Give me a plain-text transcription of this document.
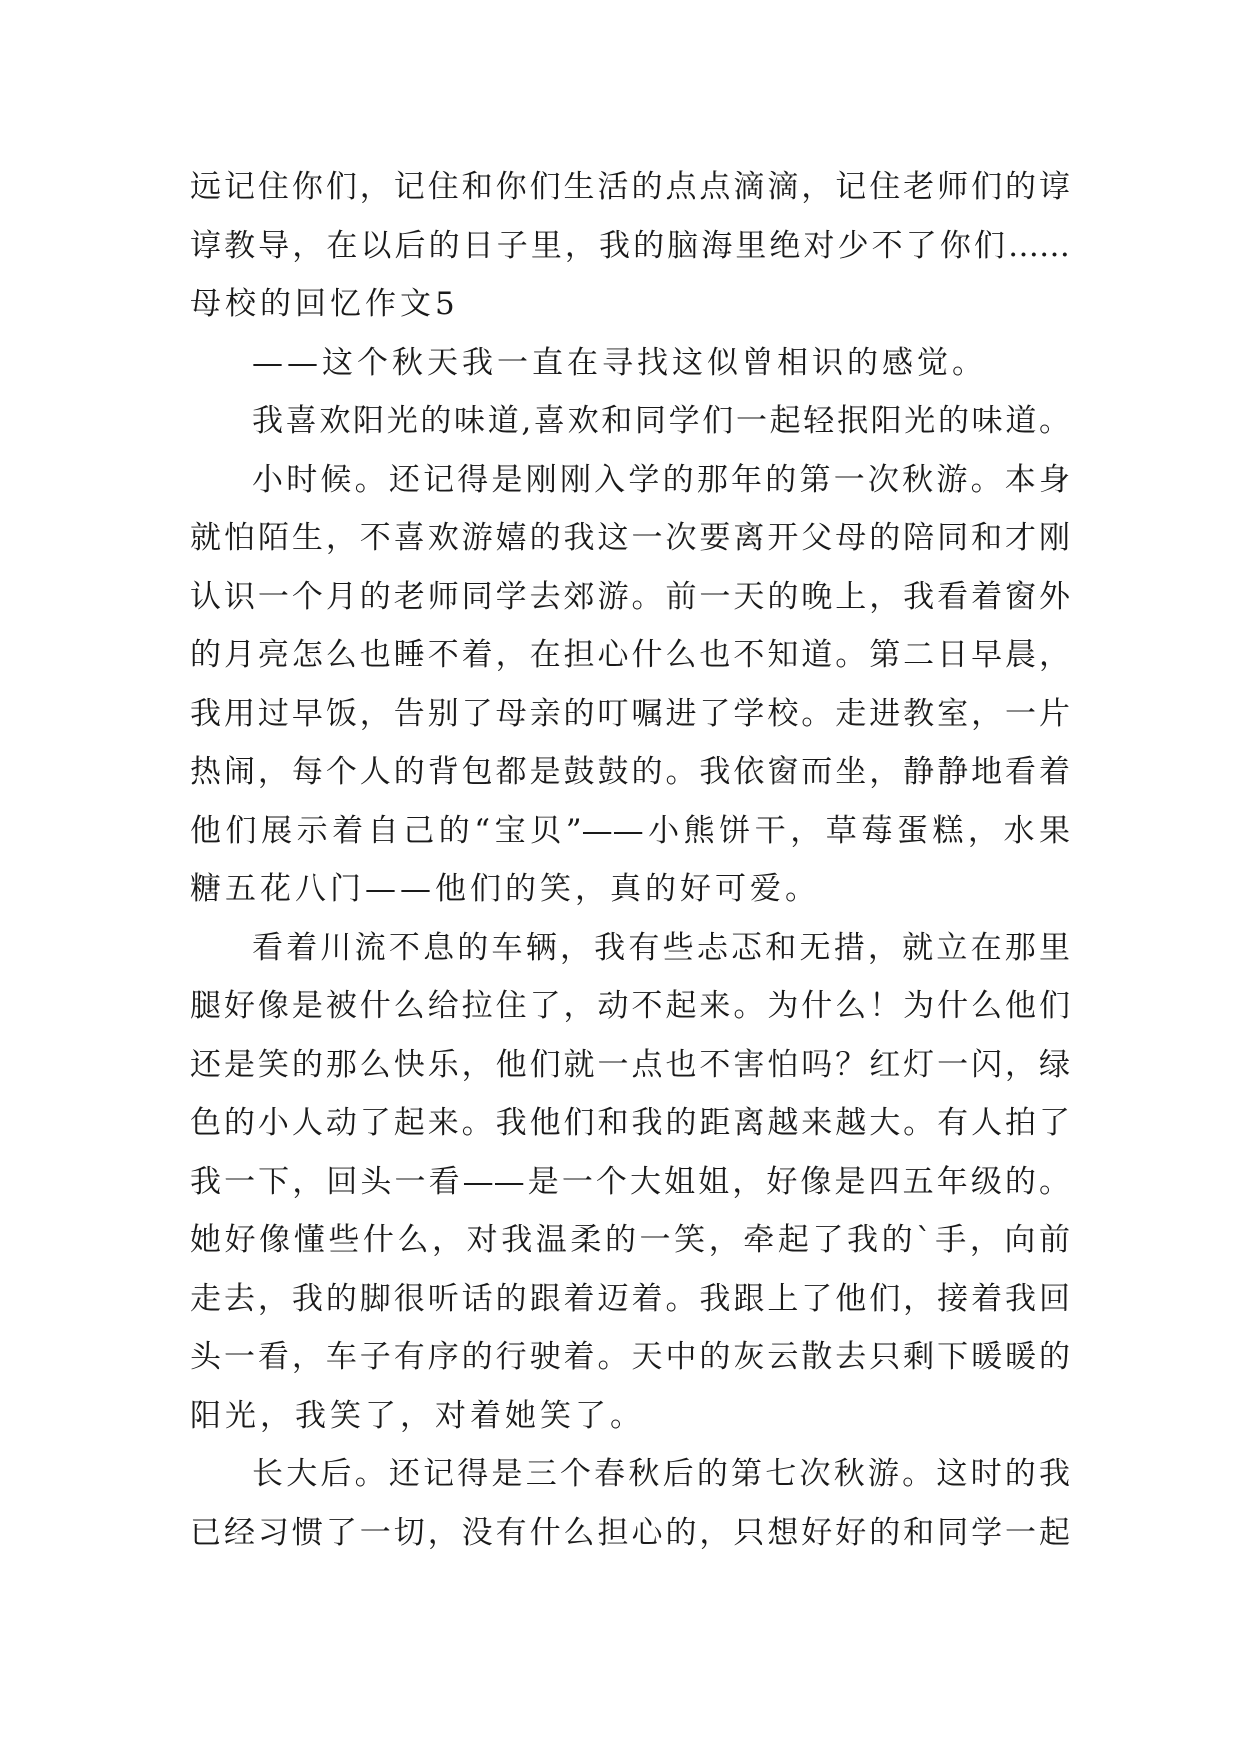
远记住你们，记住和你们生活的点点滴滴，记住老师们的谆
谆教导，在以后的日子里，我的脑海里绝对少不了你们……
母校的回忆作文5
——这个秋天我一直在寻找这似曾相识的感觉。
我喜欢阳光的味道,喜欢和同学们一起轻抿阳光的味道。
小时候。还记得是刚刚入学的那年的第一次秋游。本身
就怕陌生，不喜欢游嬉的我这一次要离开父母的陪同和才刚
认识一个月的老师同学去郊游。前一天的晚上，我看着窗外
的月亮怎么也睡不着，在担心什么也不知道。第二日早晨，
我用过早饭，告别了母亲的叮嘱进了学校。走进教室，一片
热闹，每个人的背包都是鼓鼓的。我依窗而坐，静静地看着
他们展示着自己的“宝贝”——小熊饼干，草莓蛋糕，水果
糖五花八门——他们的笑，真的好可爱。
看着川流不息的车辆，我有些忐忑和无措，就立在那里
腿好像是被什么给拉住了，动不起来。为什么！为什么他们
还是笑的那么快乐，他们就一点也不害怕吗？红灯一闪，绿
色的小人动了起来。我他们和我的距离越来越大。有人拍了
我一下，回头一看——是一个大姐姐，好像是四五年级的。
她好像懂些什么，对我温柔的一笑，牵起了我的`手，向前
走去，我的脚很听话的跟着迈着。我跟上了他们，接着我回
头一看，车子有序的行驶着。天中的灰云散去只剩下暖暖的
阳光，我笑了，对着她笑了。
长大后。还记得是三个春秋后的第七次秋游。这时的我
已经习惯了一切，没有什么担心的，只想好好的和同学一起
